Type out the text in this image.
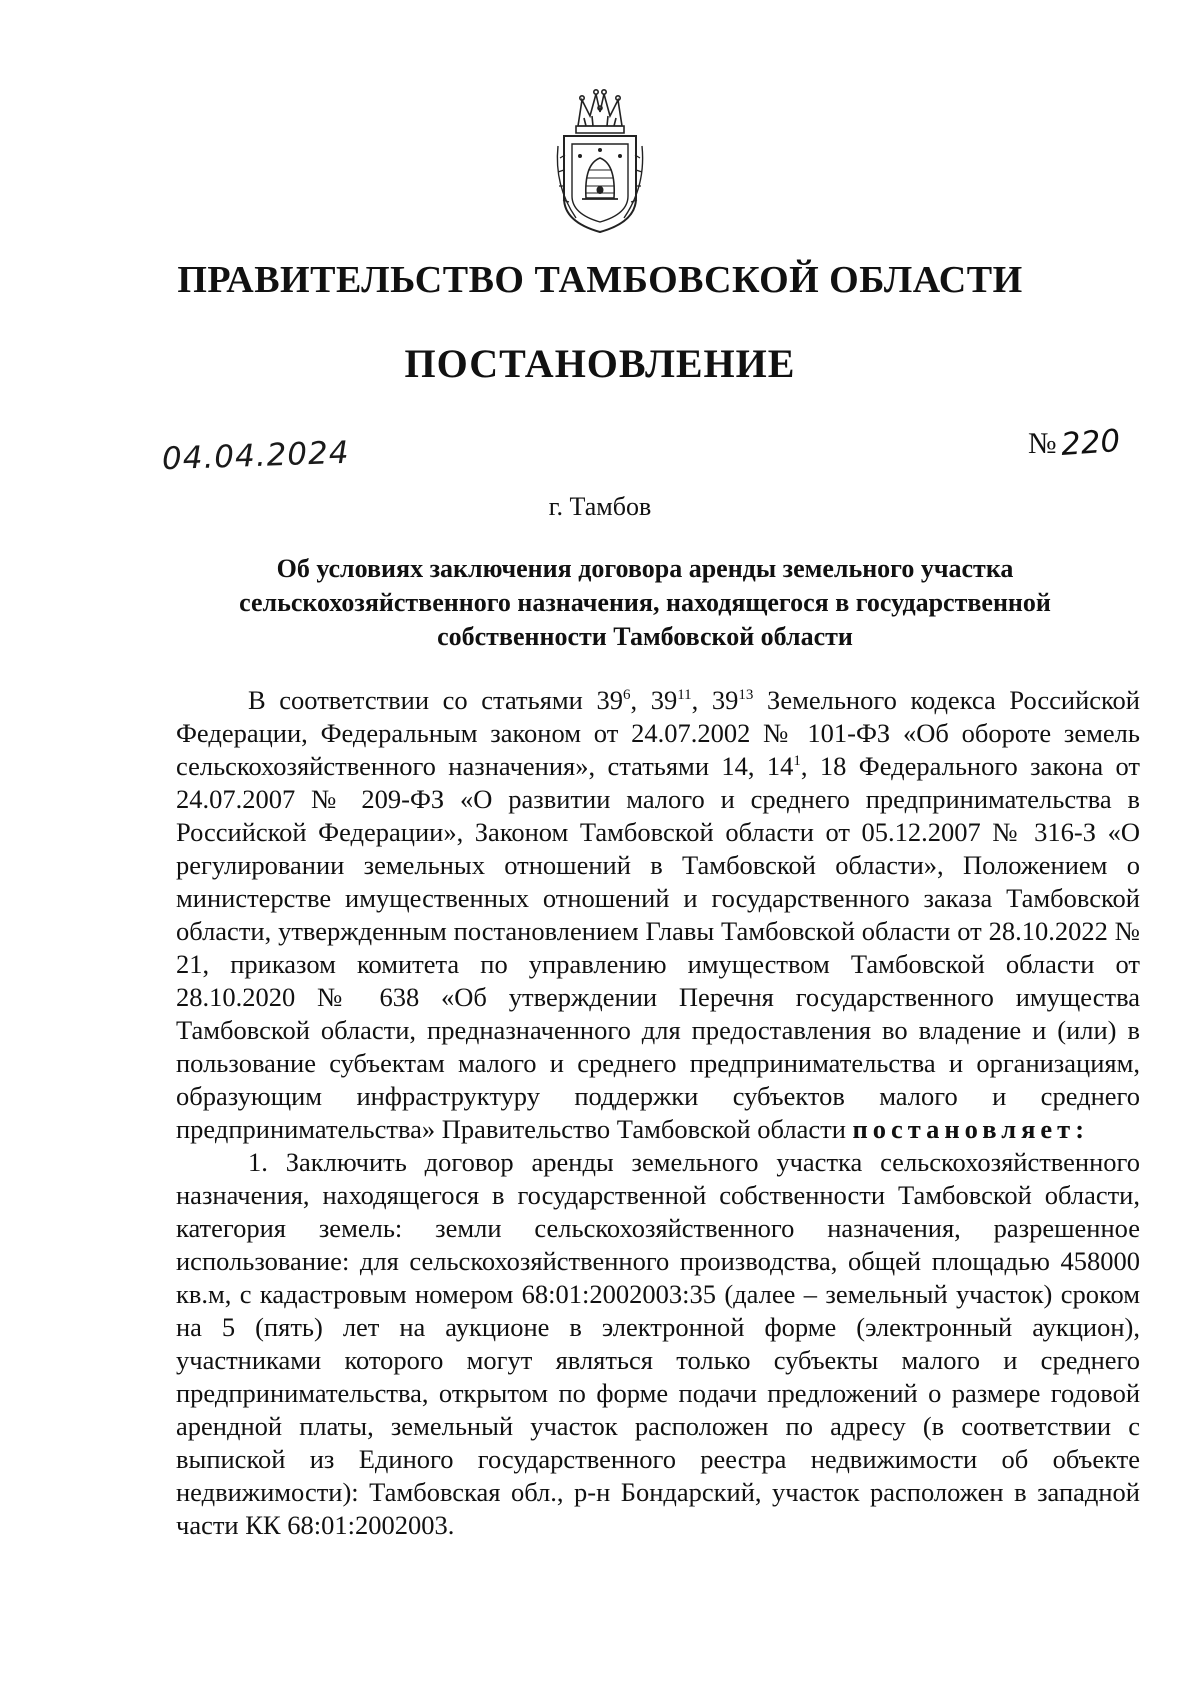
ПРАВИТЕЛЬСТВО ТАМБОВСКОЙ ОБЛАСТИ
ПОСТАНОВЛЕНИЕ
04.04.2024	№220
г. Тамбов
Об условиях заключения договора аренды земельного участка
сельскохозяйственного назначения, находящегося в государственной
собственности Тамбовской области

В соответствии со статьями $39^6$, $39^{11}$, $39^{13}$ Земельного кодекса Российской Федерации, Федеральным законом от 24.07.2002 № 101-ФЗ «Об обороте земель сельскохозяйственного назначения», статьями 14, $14^1$, 18 Федерального закона от 24.07.2007 № 209-ФЗ «О развитии малого и среднего предпринимательства в Российской Федерации», Законом Тамбовской области от 05.12.2007 № 316-З «О регулировании земельных отношений в Тамбовской области», Положением о министерстве имущественных отношений и государственного заказа Тамбовской области, утвержденным постановлением Главы Тамбовской области от 28.10.2022 № 21, приказом комитета по управлению имуществом Тамбовской области от 28.10.2020 № 638 «Об утверждении Перечня государственного имущества Тамбовской области, предназначенного для предоставления во владение и (или) в пользование субъектам малого и среднего предпринимательства и организациям, образующим инфраструктуру поддержки субъектов малого и среднего предпринимательства» Правительство Тамбовской области постановляет:

1. Заключить договор аренды земельного участка сельскохозяйственного назначения, находящегося в государственной собственности Тамбовской области, категория земель: земли сельскохозяйственного назначения, разрешенное использование: для сельскохозяйственного производства, общей площадью 458000 кв.м, с кадастровым номером 68:01:2002003:35 (далее – земельный участок) сроком на 5 (пять) лет на аукционе в электронной форме (электронный аукцион), участниками которого могут являться только субъекты малого и среднего предпринимательства, открытом по форме подачи предложений о размере годовой арендной платы, земельный участок расположен по адресу (в соответствии с выпиской из Единого государственного реестра недвижимости об объекте недвижимости): Тамбовская обл., р-н Бондарский, участок расположен в западной части КК 68:01:2002003.
